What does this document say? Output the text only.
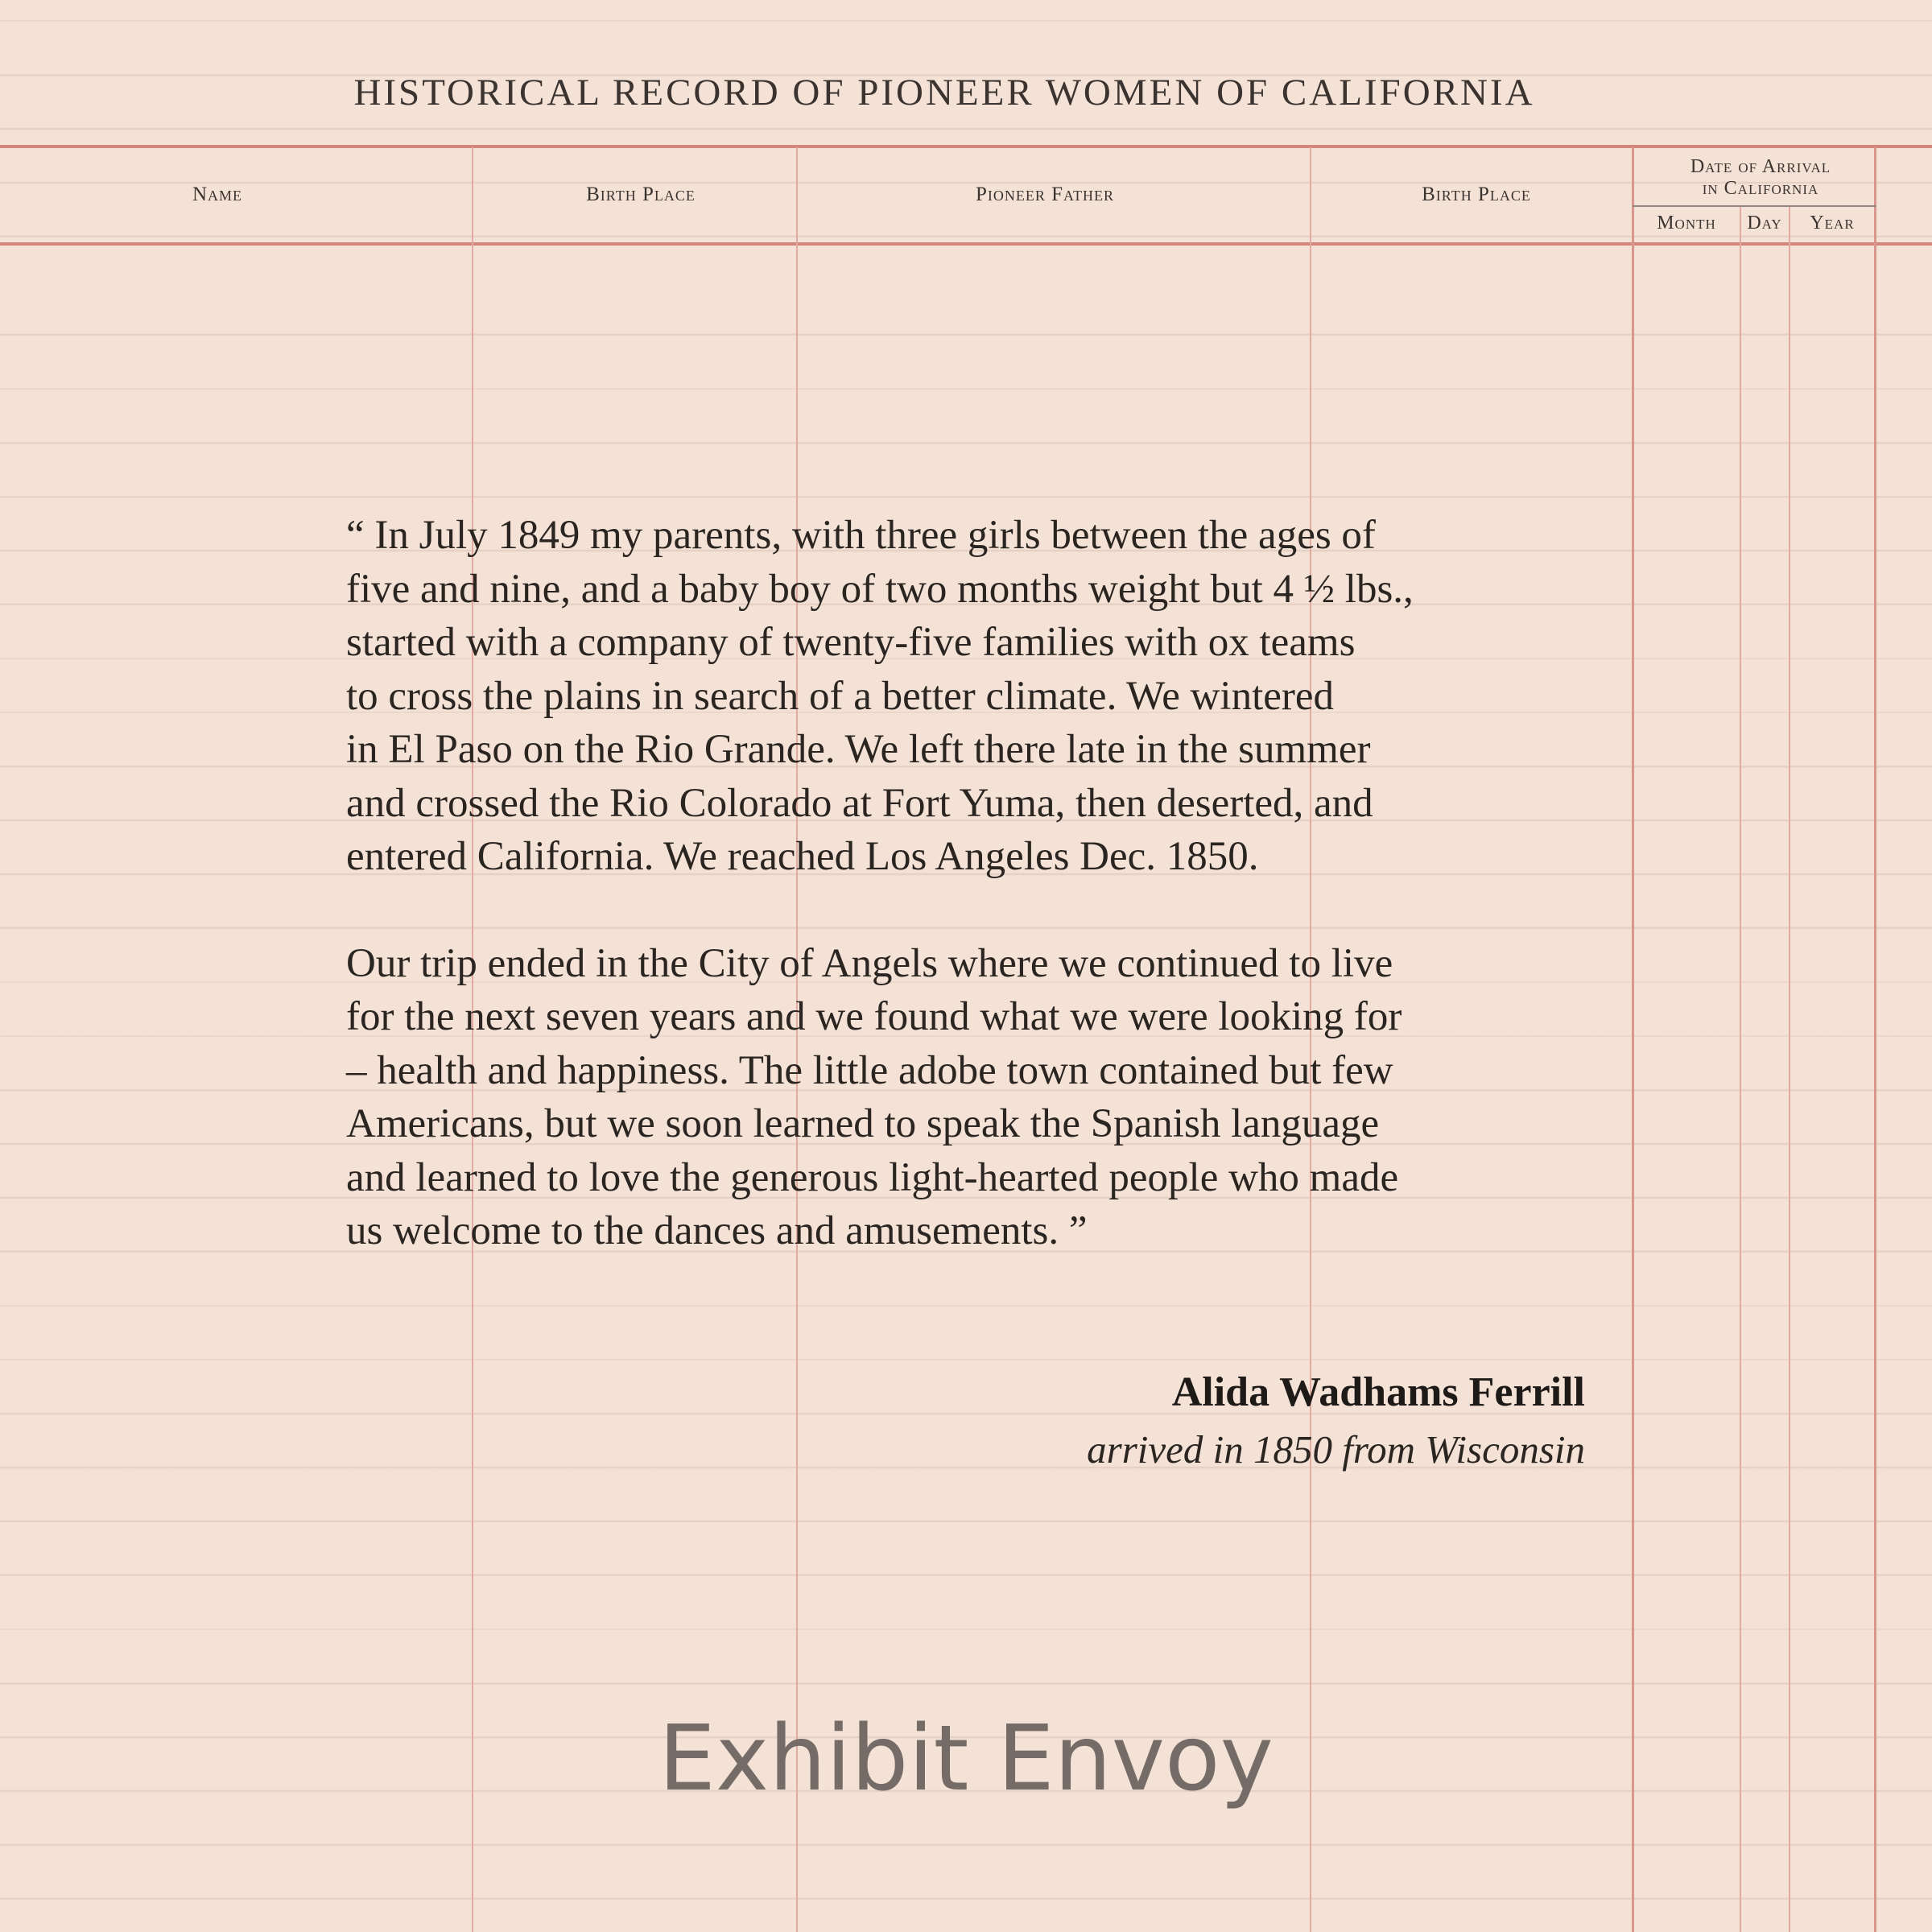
HISTORICAL RECORD OF PIONEER WOMEN OF CALIFORNIA
Name	Birth Place	Pioneer Father	Birth Place
Date of Arrival
in California
Month	Day	Year

“ In July 1849 my parents, with three girls between the ages of
five and nine, and a baby boy of two months weight but 4 ½ lbs.,
started with a company of twenty-five families with ox teams
to cross the plains in search of a better climate. We wintered
in El Paso on the Rio Grande. We left there late in the summer
and crossed the Rio Colorado at Fort Yuma, then deserted, and
entered California. We reached Los Angeles Dec. 1850.

Our trip ended in the City of Angels where we continued to live
for the next seven years and we found what we were looking for
– health and happiness. The little adobe town contained but few
Americans, but we soon learned to speak the Spanish language
and learned to love the generous light-hearted people who made
us welcome to the dances and amusements. ”

Alida Wadhams Ferrill
arrived in 1850 from Wisconsin
Exhibit Envoy
